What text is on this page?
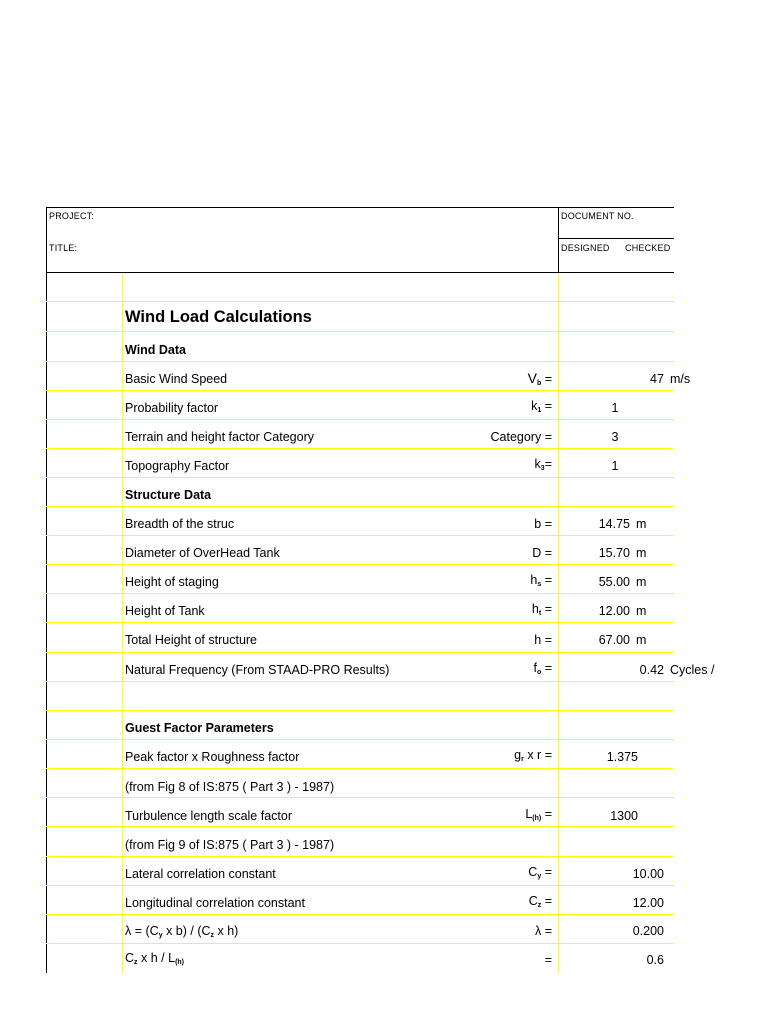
PROJECT:
TITLE:
DOCUMENT NO.
DESIGNED CHECKED
Wind Load Calculations
Wind Data
Basic Wind Speed	$V_b$ =	47 m/s
Probability factor	$k_1$ =	1
Terrain and height factor Category	Category =	3
Topography Factor	$k_3=$	1
Structure Data
Breadth of the struc	b =	14.75 m
Diameter of OverHead Tank	D =	15.70 m
Height of staging	$h_s$ =	55.00 m
Height of Tank	$h_t$ =	12.00 m
Total Height of structure	h =	67.00 m
Natural Frequency (From STAAD-PRO Results)	$f_o$ =	0.42 Cycles /
Guest Factor Parameters
Peak factor x Roughness factor	$g_r$ x r =	1.375
(from Fig 8 of IS:875 ( Part 3 ) - 1987)
Turbulence length scale factor	$L_{(h)}$ =	1300
(from Fig 9 of IS:875 ( Part 3 ) - 1987)
Lateral correlation constant	$C_y$ =	10.00
Longitudinal correlation constant	$C_z$ =	12.00
$\lambda = (C_y$ x $b) / (C_z$ x h)	λ =	0.200
$C_z$ x h / $L_{(h)}$	=	0.6
